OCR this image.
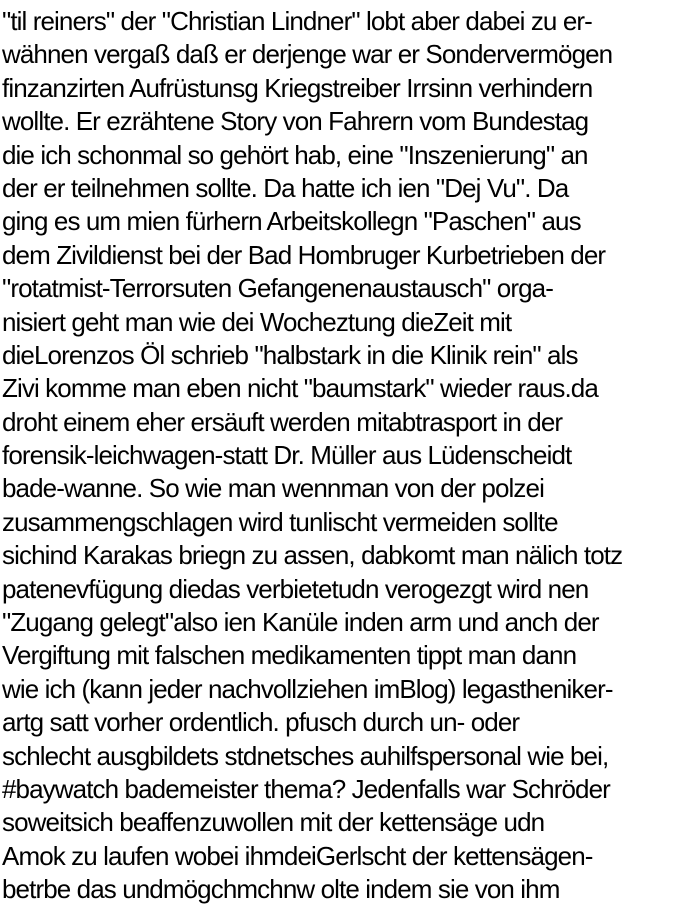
"til reiners" der "Christian Lindner" lobt aber dabei zu er-
wähnen vergaß daß er derjenge war er Sondervermögen
finzanzirten Aufrüstunsg Kriegstreiber Irrsinn verhindern
wollte. Er ezrähtene Story von Fahrern vom Bundestag
die ich schonmal so gehört hab, eine "Inszenierung" an
der er teilnehmen sollte. Da hatte ich ien "Dej Vu". Da
ging es um mien fürhern Arbeitskollegn "Paschen" aus
dem Zivildienst bei der Bad Hombruger Kurbetrieben der
"rotatmist-Terrorsuten Gefangenenaustausch" orga-
nisiert geht man wie dei Wocheztung dieZeit mit
dieLorenzos Öl schrieb "halbstark in die Klinik rein" als
Zivi komme man eben nicht "baumstark" wieder raus.da
droht einem eher ersäuft werden mitabtrasport in der
forensik-leichwagen-statt Dr. Müller aus Lüdenscheidt
bade-wanne. So wie man wennman von der polzei
zusammengschlagen wird tunlischt vermeiden sollte
sichind Karakas briegn zu assen, dabkomt man nälich totz
patenevfügung diedas verbietetudn verogezgt wird nen
"Zugang gelegt"also ien Kanüle inden arm und anch der
Vergiftung mit falschen medikamenten tippt man dann
wie ich (kann jeder nachvollziehen imBlog) legastheniker-
artg satt vorher ordentlich. pfusch durch un- oder
schlecht ausgbildets stdnetsches auhilfspersonal wie bei,
#baywatch bademeister thema? Jedenfalls war Schröder
soweitsich beaffenzuwollen mit der kettensäge udn
Amok zu laufen wobei ihmdeiGerlscht der kettensägen-
betrbe das undmögchmchnw olte indem sie von ihm
